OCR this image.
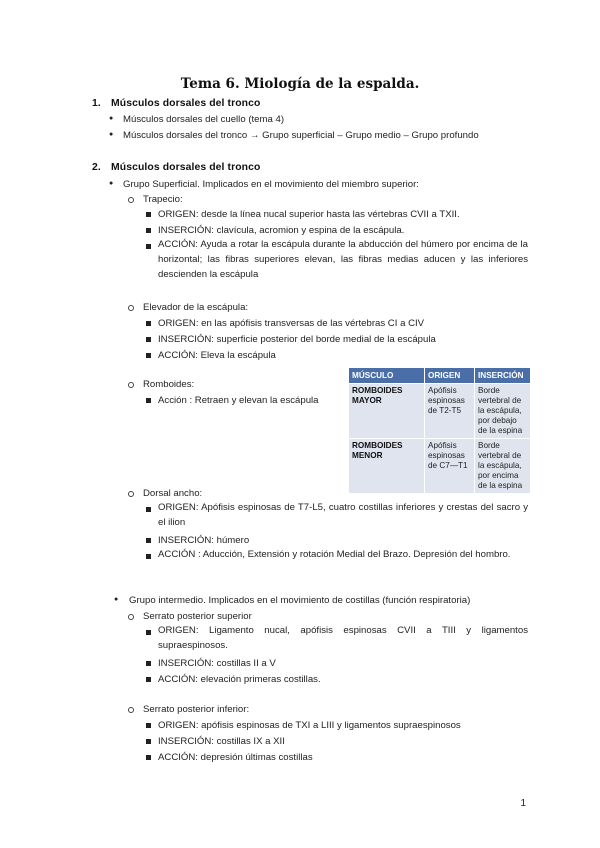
Tema 6. Miología de la espalda.
1. Músculos dorsales del tronco
● Músculos dorsales del cuello (tema 4)
● Músculos dorsales del tronco → Grupo superficial – Grupo medio – Grupo profundo
2. Músculos dorsales del tronco
● Grupo Superficial. Implicados en el movimiento del miembro superior:
Trapecio:
ORIGEN: desde la línea nucal superior hasta las vértebras CVII a TXII.
INSERCIÓN: clavícula, acromion y espina de la escápula.
ACCIÓN: Ayuda a rotar la escápula durante la abducción del húmero por encima de la horizontal; las fibras superiores elevan, las fibras medias aducen y las inferiores descienden la escápula
Elevador de la escápula:
ORIGEN: en las apófisis transversas de las vértebras CI a CIV
INSERCIÓN: superficie posterior del borde medial de la escápula
ACCIÓN: Eleva la escápula
Romboides:
Acción : Retraen y elevan la escápula
MÚSCULO	ORIGEN	INSERCIÓN
ROMBOIDES MAYOR	Apófisis espinosas de T2-T5	Borde vertebral de la escápula, por debajo de la espina
ROMBOIDES MENOR	Apófisis espinosas de C7—T1	Borde vertebral de la escápula, por encima de la espina
Dorsal ancho:
ORIGEN: Apófisis espinosas de T7-L5, cuatro costillas inferiores y crestas del sacro y el ilion
INSERCIÓN: húmero
ACCIÓN : Aducción, Extensión y rotación Medial del Brazo. Depresión del hombro.
● Grupo intermedio. Implicados en el movimiento de costillas (función respiratoria)
Serrato posterior superior
ORIGEN: Ligamento nucal, apófisis espinosas CVII a TIII y ligamentos supraespinosos.
INSERCIÓN: costillas II a V
ACCIÓN: elevación primeras costillas.
Serrato posterior inferior:
ORIGEN: apófisis espinosas de TXI a LIII y ligamentos supraespinosos
INSERCIÓN: costillas IX a XII
ACCIÓN: depresión últimas costillas
1
